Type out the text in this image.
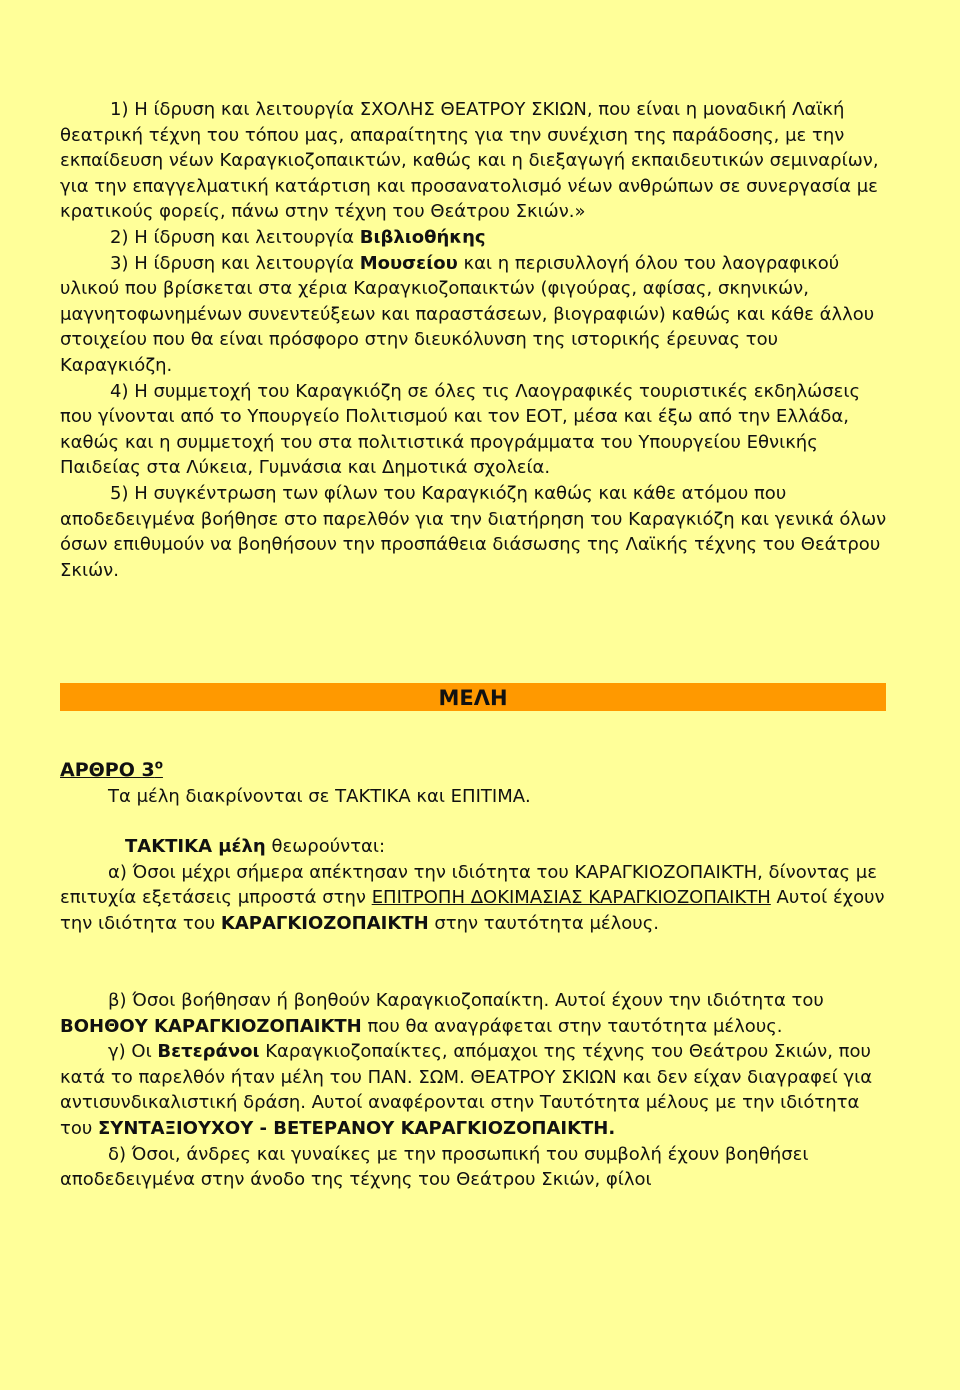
1) Η ίδρυση και λειτουργία ΣΧΟΛΗΣ ΘΕΑΤΡΟΥ ΣΚΙΩΝ, που είναι η μοναδική Λαϊκή θεατρική τέχνη του τόπου μας, απαραίτητης για την συνέχιση της παράδοσης, με την εκπαίδευση νέων Καραγκιοζοπαικτών, καθώς και η διεξαγωγή εκπαιδευτικών σεμιναρίων, για την επαγγελματική κατάρτιση και προσανατολισμό νέων ανθρώπων σε συνεργασία με κρατικούς φορείς, πάνω στην τέχνη του Θεάτρου Σκιών.»

2) Η ίδρυση και λειτουργία Βιβλιοθήκης

3) Η ίδρυση και λειτουργία Μουσείου και η περισυλλογή όλου του λαογραφικού υλικού που βρίσκεται στα χέρια Καραγκιοζοπαικτών (φιγούρας, αφίσας, σκηνικών, μαγνητοφωνημένων συνεντεύξεων και παραστάσεων, βιογραφιών) καθώς και κάθε άλλου στοιχείου που θα είναι πρόσφορο στην διευκόλυνση της ιστορικής έρευνας του Καραγκιόζη.

4) Η συμμετοχή του Καραγκιόζη σε όλες τις Λαογραφικές τουριστικές εκδηλώσεις που γίνονται από το Υπουργείο Πολιτισμού και τον ΕΟΤ, μέσα και έξω από την Ελλάδα, καθώς και η συμμετοχή του στα πολιτιστικά προγράμματα του Υπουργείου Εθνικής Παιδείας στα Λύκεια, Γυμνάσια και Δημοτικά σχολεία.

5) Η συγκέντρωση των φίλων του Καραγκιόζη καθώς και κάθε ατόμου που αποδεδειγμένα βοήθησε στο παρελθόν για την διατήρηση του Καραγκιόζη και γενικά όλων όσων επιθυμούν να βοηθήσουν την προσπάθεια διάσωσης της Λαϊκής τέχνης του Θεάτρου Σκιών.

ΜΕΛΗ
ΑΡΘΡΟ $3^o$
Τα μέλη διακρίνονται σε ΤΑΚΤΙΚΑ και ΕΠΙΤΙΜΑ.

ΤΑΚΤΙΚΑ μέλη θεωρούνται:

α) Όσοι μέχρι σήμερα απέκτησαν την ιδιότητα του ΚΑΡΑΓΚΙΟΖΟΠΑΙΚΤΗ, δίνοντας με επιτυχία εξετάσεις μπροστά στην ΕΠΙΤΡΟΠΗ ΔΟΚΙΜΑΣΙΑΣ ΚΑΡΑΓΚΙΟΖΟΠΑΙΚΤΗ Αυτοί έχουν την ιδιότητα του ΚΑΡΑΓΚΙΟΖΟΠΑΙΚΤΗ στην ταυτότητα μέλους.

β) Όσοι βοήθησαν ή βοηθούν Καραγκιοζοπαίκτη. Αυτοί έχουν την ιδιότητα του ΒΟΗΘΟΥ ΚΑΡΑΓΚΙΟΖΟΠΑΙΚΤΗ που θα αναγράφεται στην ταυτότητα μέλους.

γ) Οι Βετεράνοι Καραγκιοζοπαίκτες, απόμαχοι της τέχνης του Θεάτρου Σκιών, που κατά το παρελθόν ήταν μέλη του ΠΑΝ. ΣΩΜ. ΘΕΑΤΡΟΥ ΣΚΙΩΝ και δεν είχαν διαγραφεί για αντισυνδικαλιστική δράση. Αυτοί αναφέρονται στην Ταυτότητα μέλους με την ιδιότητα του ΣΥΝΤΑΞΙΟΥΧΟΥ - ΒΕΤΕΡΑΝΟΥ ΚΑΡΑΓΚΙΟΖΟΠΑΙΚΤΗ.

δ) Όσοι, άνδρες και γυναίκες με την προσωπική του συμβολή έχουν βοηθήσει αποδεδειγμένα στην άνοδο της τέχνης του Θεάτρου Σκιών, φίλοι
